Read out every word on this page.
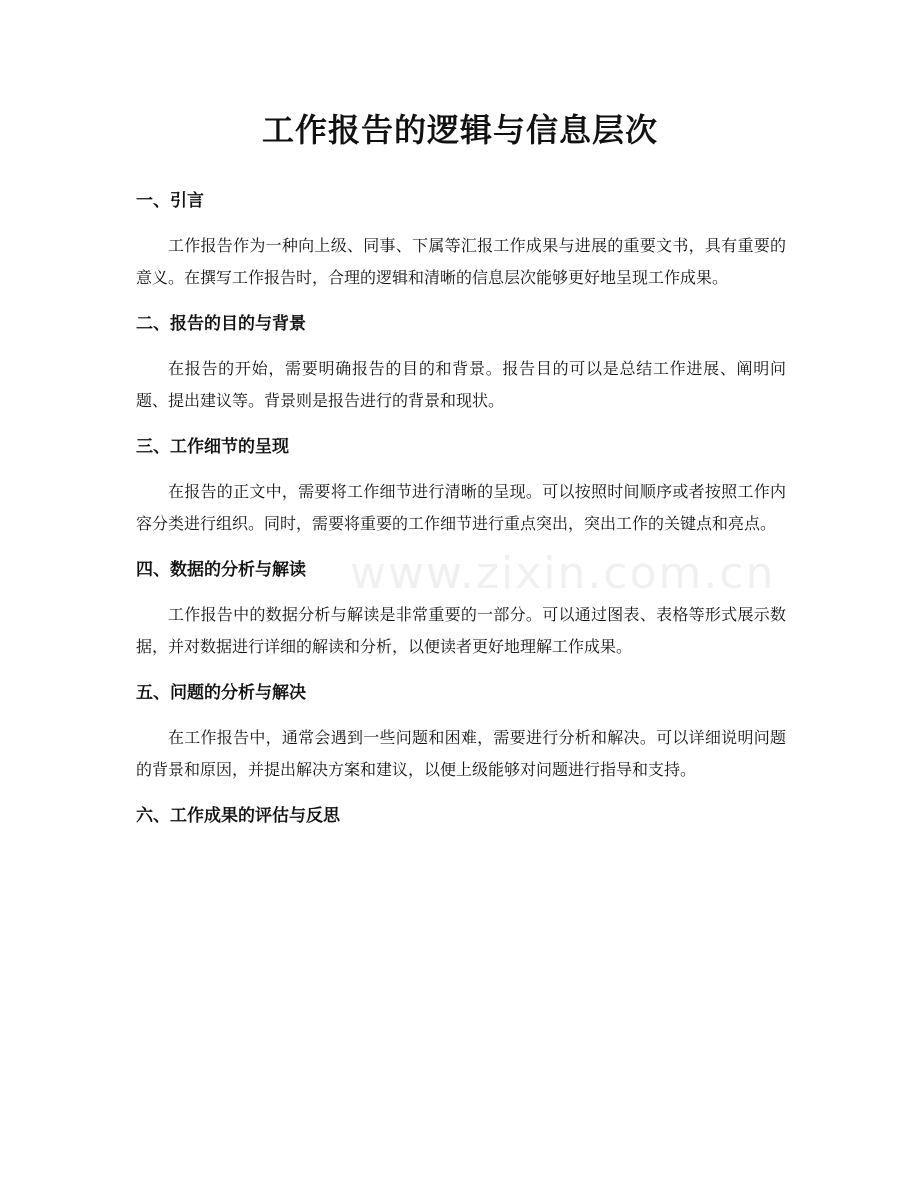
工作报告的逻辑与信息层次
www.zixin.com.cn
一、引言

工作报告作为一种向上级、同事、下属等汇报工作成果与进展的重要文书，具有重要的意义。在撰写工作报告时，合理的逻辑和清晰的信息层次能够更好地呈现工作成果。

二、报告的目的与背景

在报告的开始，需要明确报告的目的和背景。报告目的可以是总结工作进展、阐明问题、提出建议等。背景则是报告进行的背景和现状。

三、工作细节的呈现

在报告的正文中，需要将工作细节进行清晰的呈现。可以按照时间顺序或者按照工作内容分类进行组织。同时，需要将重要的工作细节进行重点突出，突出工作的关键点和亮点。

四、数据的分析与解读

工作报告中的数据分析与解读是非常重要的一部分。可以通过图表、表格等形式展示数据，并对数据进行详细的解读和分析，以便读者更好地理解工作成果。

五、问题的分析与解决

在工作报告中，通常会遇到一些问题和困难，需要进行分析和解决。可以详细说明问题的背景和原因，并提出解决方案和建议，以便上级能够对问题进行指导和支持。

六、工作成果的评估与反思
